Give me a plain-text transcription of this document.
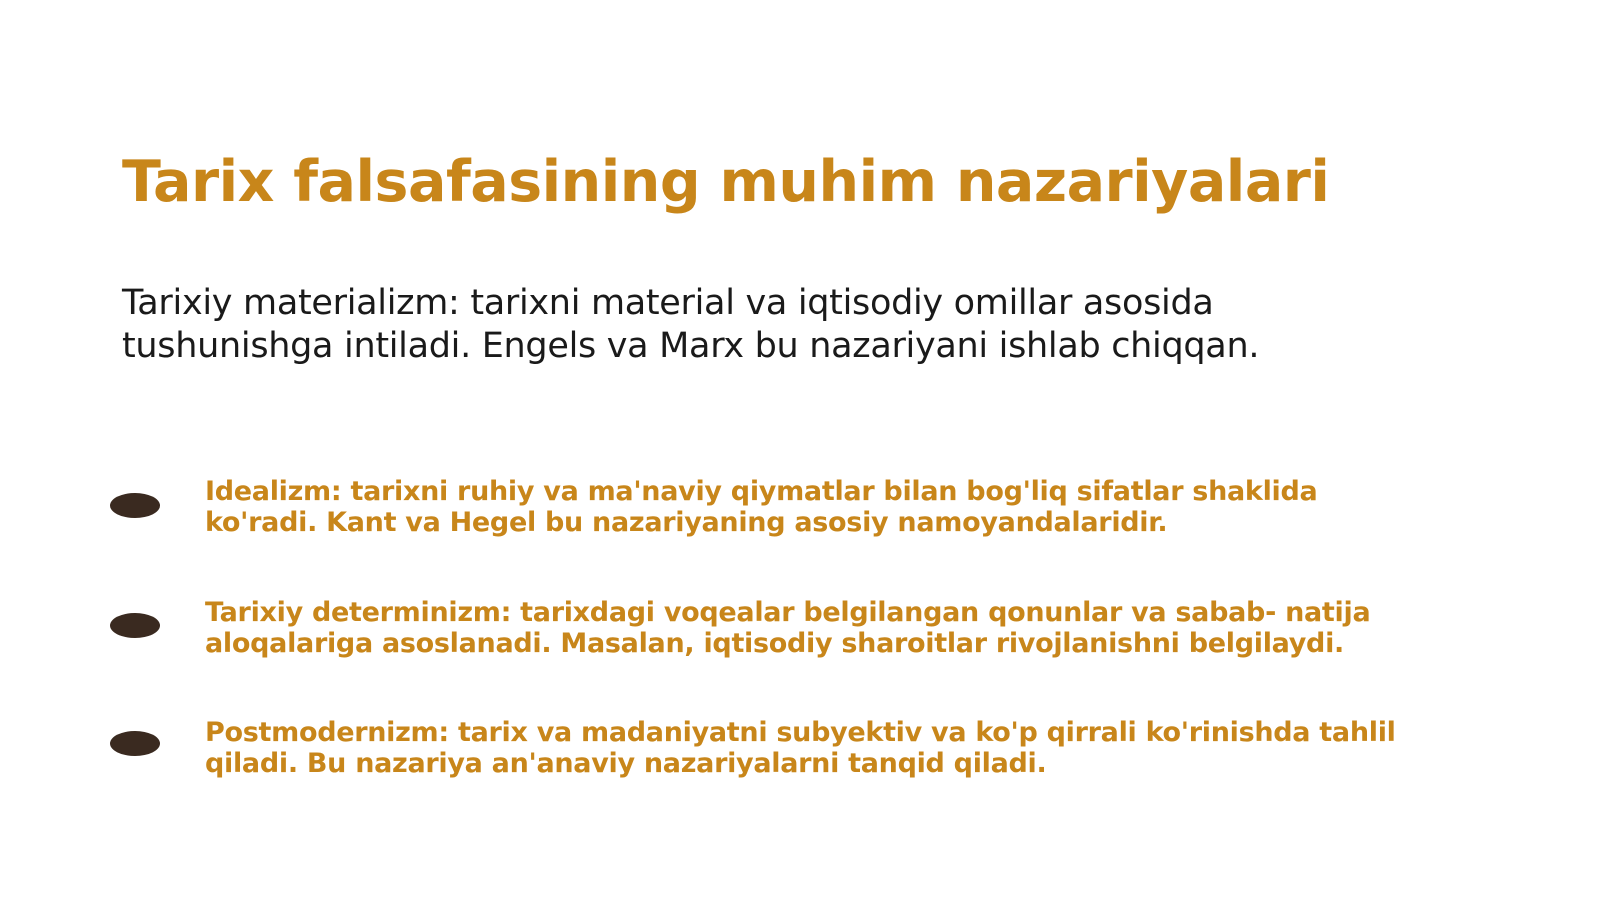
Tarix falsafasining muhim nazariyalari

Tarixiy materializm: tarixni material va iqtisodiy omillar asosida tushunishga intiladi. Engels va Marx bu nazariyani ishlab chiqqan.

Idealizm: tarixni ruhiy va ma'naviy qiymatlar bilan bog'liq sifatlar shaklida ko'radi. Kant va Hegel bu nazariyaning asosiy namoyandalaridir.
Tarixiy determinizm: tarixdagi voqealar belgilangan qonunlar va sabab- natija aloqalariga asoslanadi. Masalan, iqtisodiy sharoitlar rivojlanishni belgilaydi.
Postmodernizm: tarix va madaniyatni subyektiv va ko'p qirrali ko'rinishda tahlil qiladi. Bu nazariya an'anaviy nazariyalarni tanqid qiladi.
